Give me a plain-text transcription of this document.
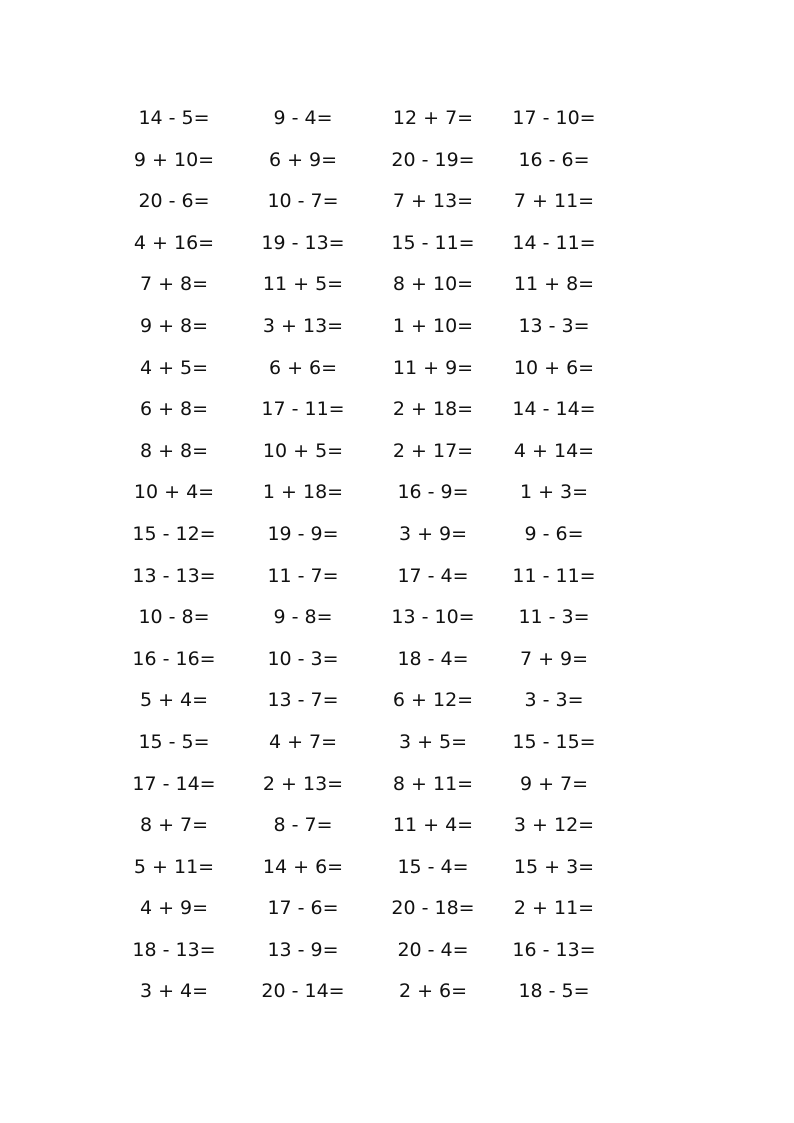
14 - 5=	9 - 4=	12 + 7=	17 - 10=
9 + 10=	6 + 9=	20 - 19=	16 - 6=
20 - 6=	10 - 7=	7 + 13=	7 + 11=
4 + 16=	19 - 13=	15 - 11=	14 - 11=
7 + 8=	11 + 5=	8 + 10=	11 + 8=
9 + 8=	3 + 13=	1 + 10=	13 - 3=
4 + 5=	6 + 6=	11 + 9=	10 + 6=
6 + 8=	17 - 11=	2 + 18=	14 - 14=
8 + 8=	10 + 5=	2 + 17=	4 + 14=
10 + 4=	1 + 18=	16 - 9=	1 + 3=
15 - 12=	19 - 9=	3 + 9=	9 - 6=
13 - 13=	11 - 7=	17 - 4=	11 - 11=
10 - 8=	9 - 8=	13 - 10=	11 - 3=
16 - 16=	10 - 3=	18 - 4=	7 + 9=
5 + 4=	13 - 7=	6 + 12=	3 - 3=
15 - 5=	4 + 7=	3 + 5=	15 - 15=
17 - 14=	2 + 13=	8 + 11=	9 + 7=
8 + 7=	8 - 7=	11 + 4=	3 + 12=
5 + 11=	14 + 6=	15 - 4=	15 + 3=
4 + 9=	17 - 6=	20 - 18=	2 + 11=
18 - 13=	13 - 9=	20 - 4=	16 - 13=
3 + 4=	20 - 14=	2 + 6=	18 - 5=
